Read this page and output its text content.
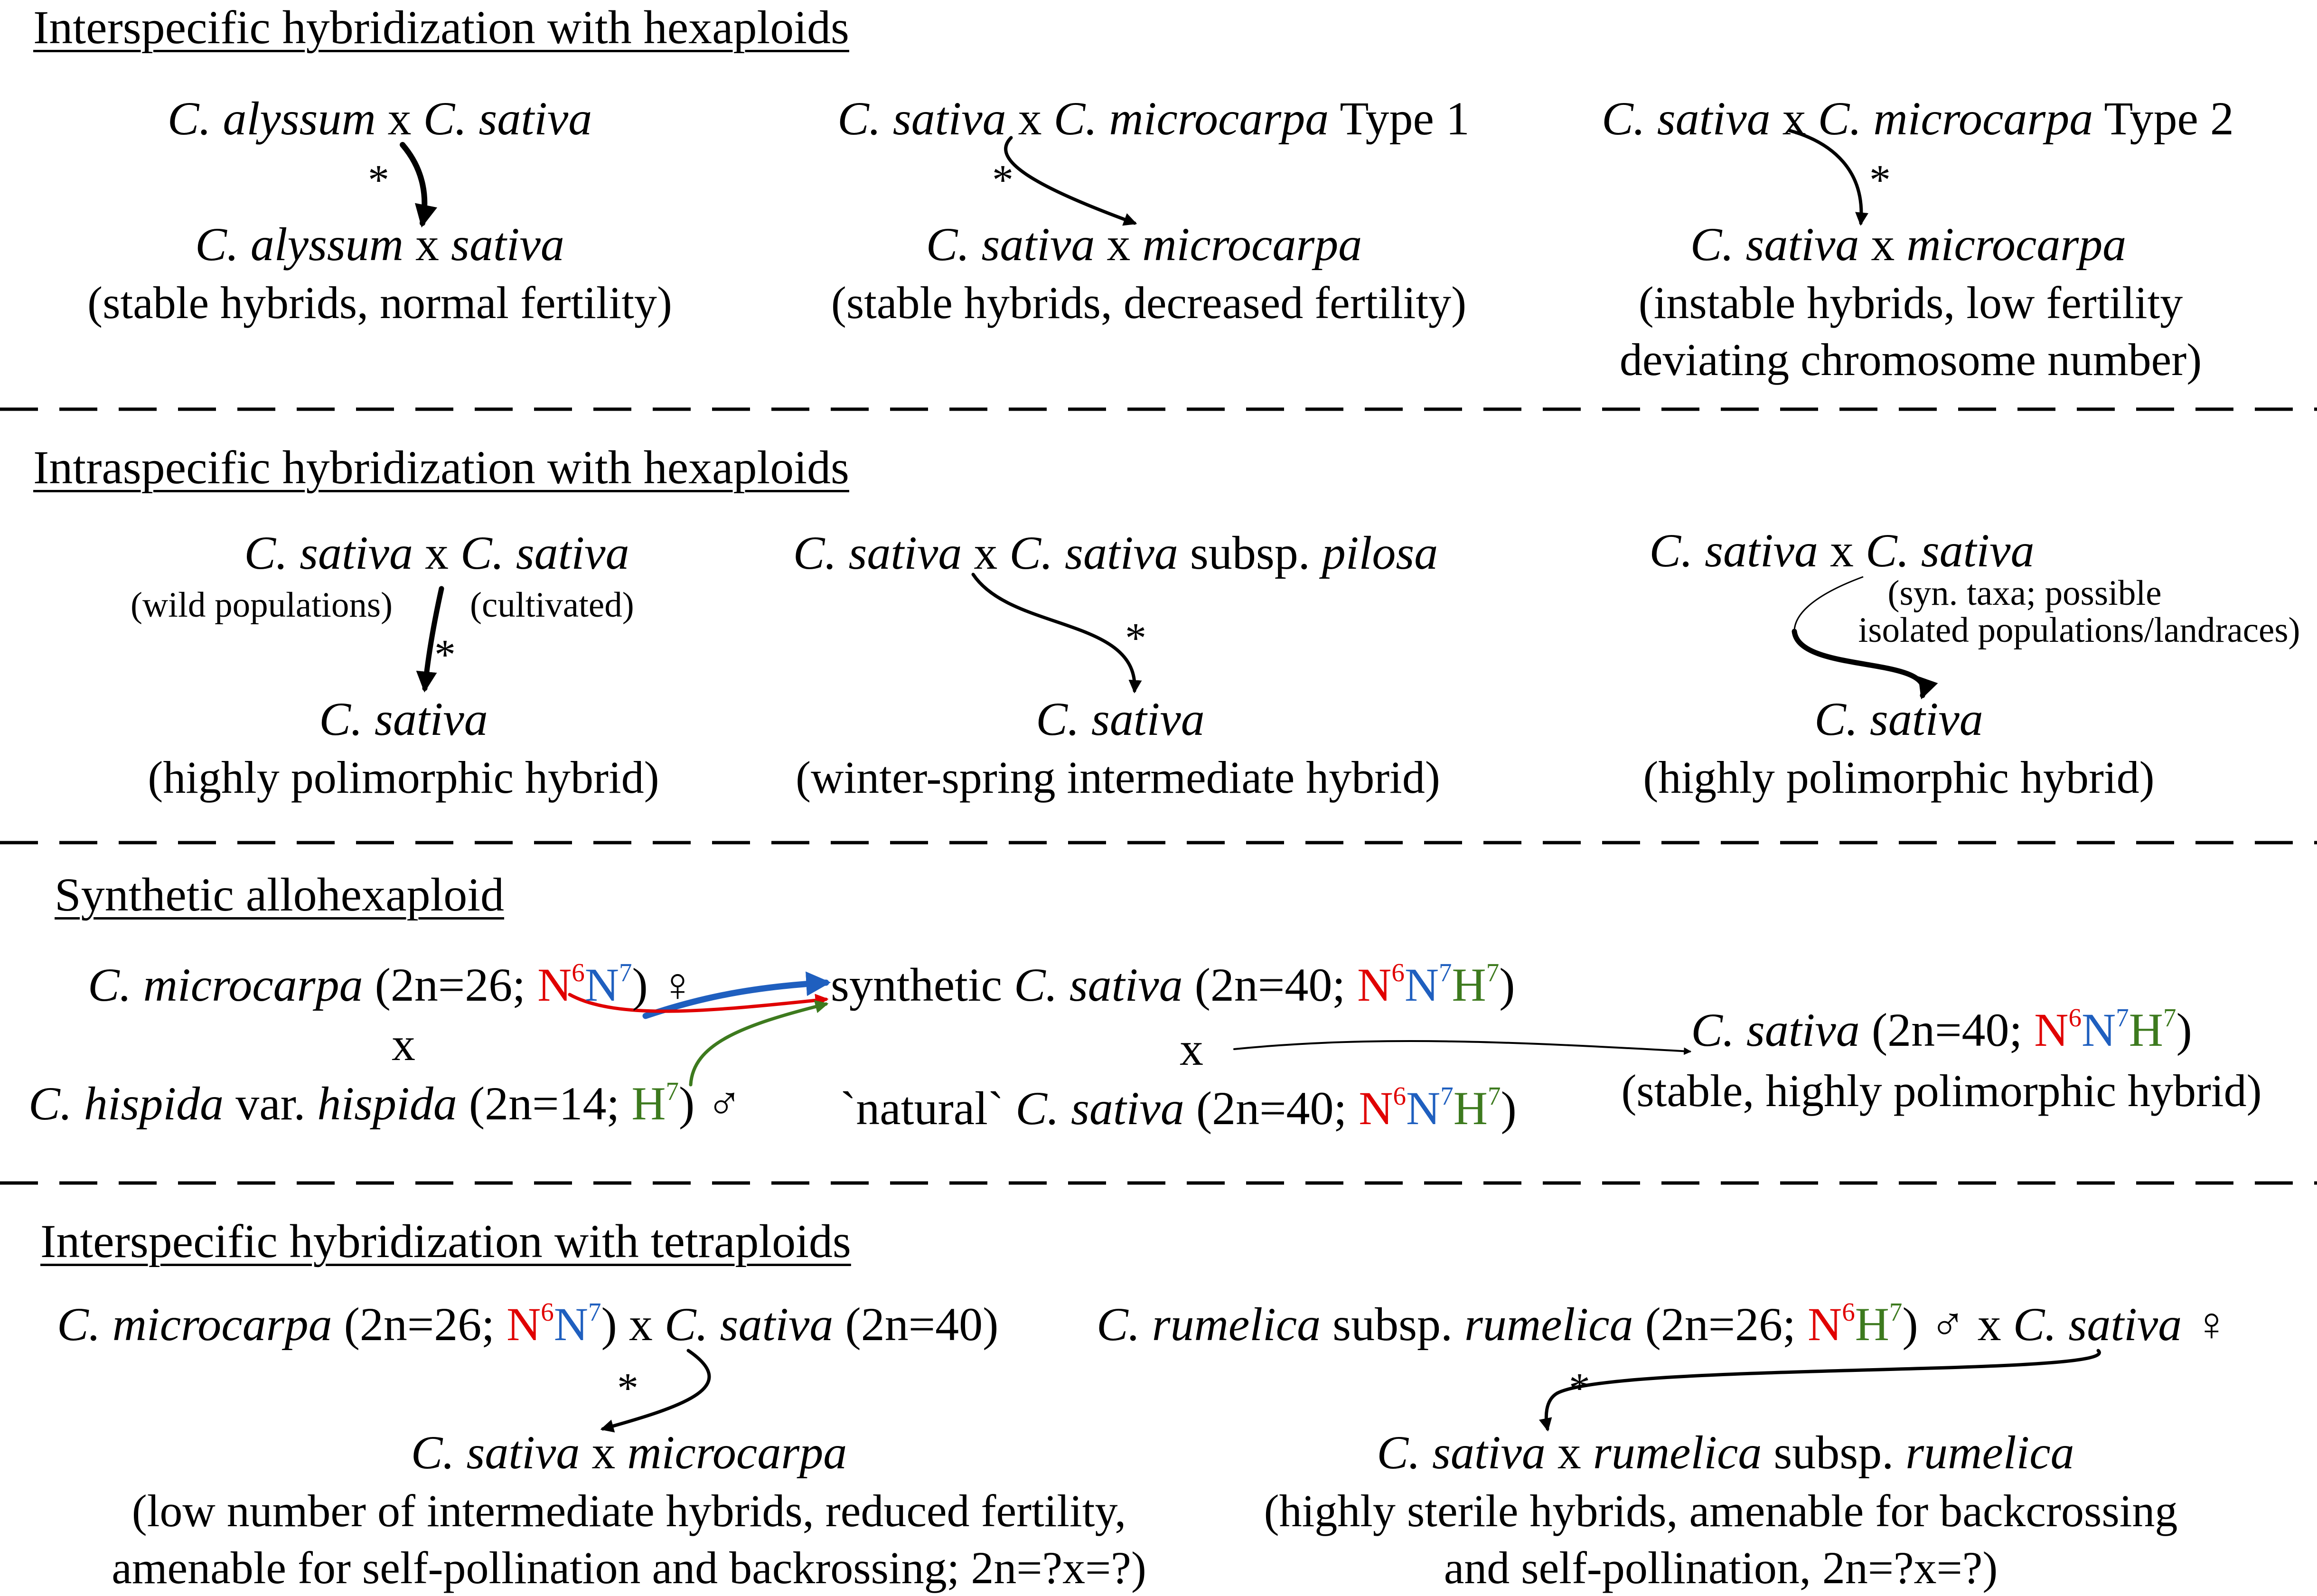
Interspecific hybridization with hexaploids
C. alyssum x C. sativa
*
C. alyssum x sativa
(stable hybrids, normal fertility)
C. sativa x C. microcarpa Type 1
*
C. sativa x microcarpa
(stable hybrids, decreased fertility)
C. sativa x C. microcarpa Type 2
*
C. sativa x microcarpa
(instable hybrids, low fertility
deviating chromosome number)
Intraspecific hybridization with hexaploids
C. sativa x C. sativa
(wild populations) (cultivated)
*
C. sativa
(highly polimorphic hybrid)
C. sativa x C. sativa subsp. pilosa
*
C. sativa
(winter-spring intermediate hybrid)
C. sativa x C. sativa
(syn. taxa; possible
isolated populations/landraces)
C. sativa
(highly polimorphic hybrid)
Synthetic allohexaploid
C. microcarpa (2n=26; $N^6N^7$) ♀
x
C. hispida var. hispida (2n=14; $H^7$) ♂
synthetic C. sativa (2n=40; $N^6N^7H^7$)
x
`natural` C. sativa (2n=40; $N^6N^7H^7$)
C. sativa (2n=40; $N^6N^7H^7$)
(stable, highly polimorphic hybrid)
Interspecific hybridization with tetraploids
C. microcarpa (2n=26; $N^6N^7$) x C. sativa (2n=40)
*
C. sativa x microcarpa
(low number of intermediate hybrids, reduced fertility,
amenable for self-pollination and backrossing; 2n=?x=?)
C. rumelica subsp. rumelica (2n=26; $N^6H^7$) ♂ x C. sativa ♀
*
C. sativa x rumelica subsp. rumelica
(highly sterile hybrids, amenable for backcrossing
and self-pollination, 2n=?x=?)
